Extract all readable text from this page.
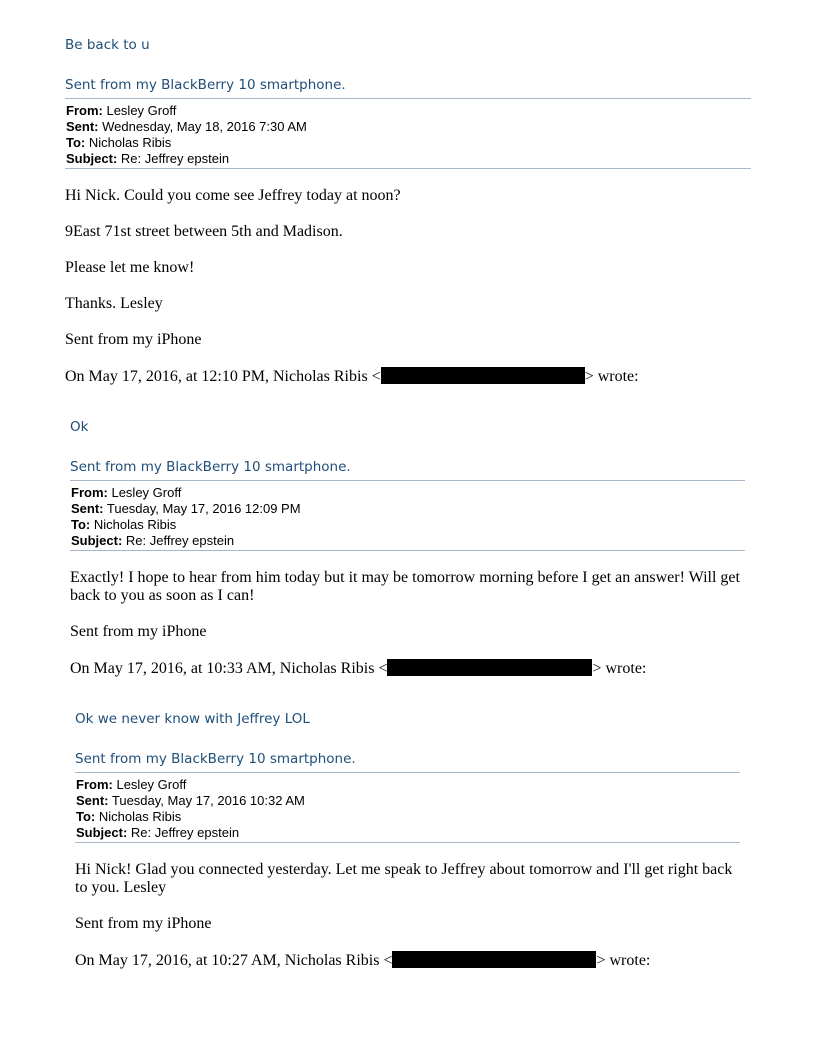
Be back to u
Sent from my BlackBerry 10 smartphone.
From: Lesley Groff
Sent: Wednesday, May 18, 2016 7:30 AM
To: Nicholas Ribis
Subject: Re: Jeffrey epstein
Hi Nick. Could you come see Jeffrey today at noon?
9East 71st street between 5th and Madison.
Please let me know!
Thanks. Lesley
Sent from my iPhone
On May 17, 2016, at 12:10 PM, Nicholas Ribis <	> wrote:
Ok
Sent from my BlackBerry 10 smartphone.
From: Lesley Groff
Sent: Tuesday, May 17, 2016 12:09 PM
To: Nicholas Ribis
Subject: Re: Jeffrey epstein
Exactly! I hope to hear from him today but it may be tomorrow morning before I get an answer! Will get back to you as soon as I can!
Sent from my iPhone
On May 17, 2016, at 10:33 AM, Nicholas Ribis <	> wrote:
Ok we never know with Jeffrey LOL
Sent from my BlackBerry 10 smartphone.
From: Lesley Groff
Sent: Tuesday, May 17, 2016 10:32 AM
To: Nicholas Ribis
Subject: Re: Jeffrey epstein
Hi Nick! Glad you connected yesterday. Let me speak to Jeffrey about tomorrow and I'll get right back to you. Lesley
Sent from my iPhone
On May 17, 2016, at 10:27 AM, Nicholas Ribis <	> wrote:
